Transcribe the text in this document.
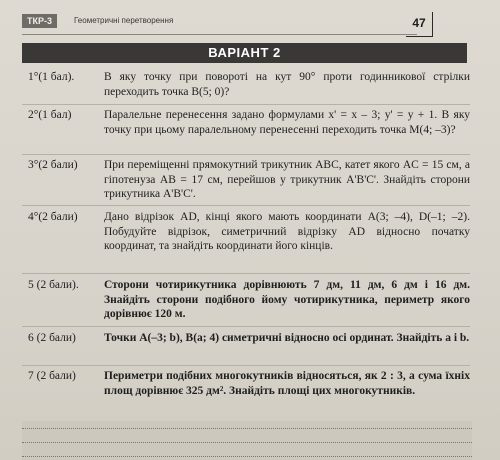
ТКР-3	Геометричні перетворення	47
ВАРІАНТ 2
1°(1 бал).	В яку точку при повороті на кут 90° проти годинникової стрілки переходить точка B(5; 0)?
2°(1 бал)	Паралельне перенесення задано формулами x' = x – 3; y' = y + 1. В яку точку при цьому паралельному перенесенні переходить точка M(4; –3)?
3°(2 бали) При переміщенні прямокутний трикутник ABC, катет якого AC = 15 см, а гіпотенуза AB = 17 см, перейшов у трикутник A'B'C'. Знайдіть сторони трикутника A'B'C'.
4°(2 бали) Дано відрізок AD, кінці якого мають координати A(3; –4), D(–1; –2). Побудуйте відрізок, симетричний відрізку AD відносно початку координат, та знайдіть координати його кінців.
5 (2 бали). Сторони чотирикутника дорівнюють 7 дм, 11 дм, 6 дм і 16 дм. Знайдіть сторони подібного йому чотирикутника, периметр якого дорівнює 120 м.
6 (2 бали) Точки A(–3; b), B(a; 4) симетричні відносно осі ординат. Знайдіть a і b.
7 (2 бали) Периметри подібних многокутників відносяться, як 2 : 3, а сума їхніх площ дорівнює 325 дм². Знайдіть площі цих многокутників.
